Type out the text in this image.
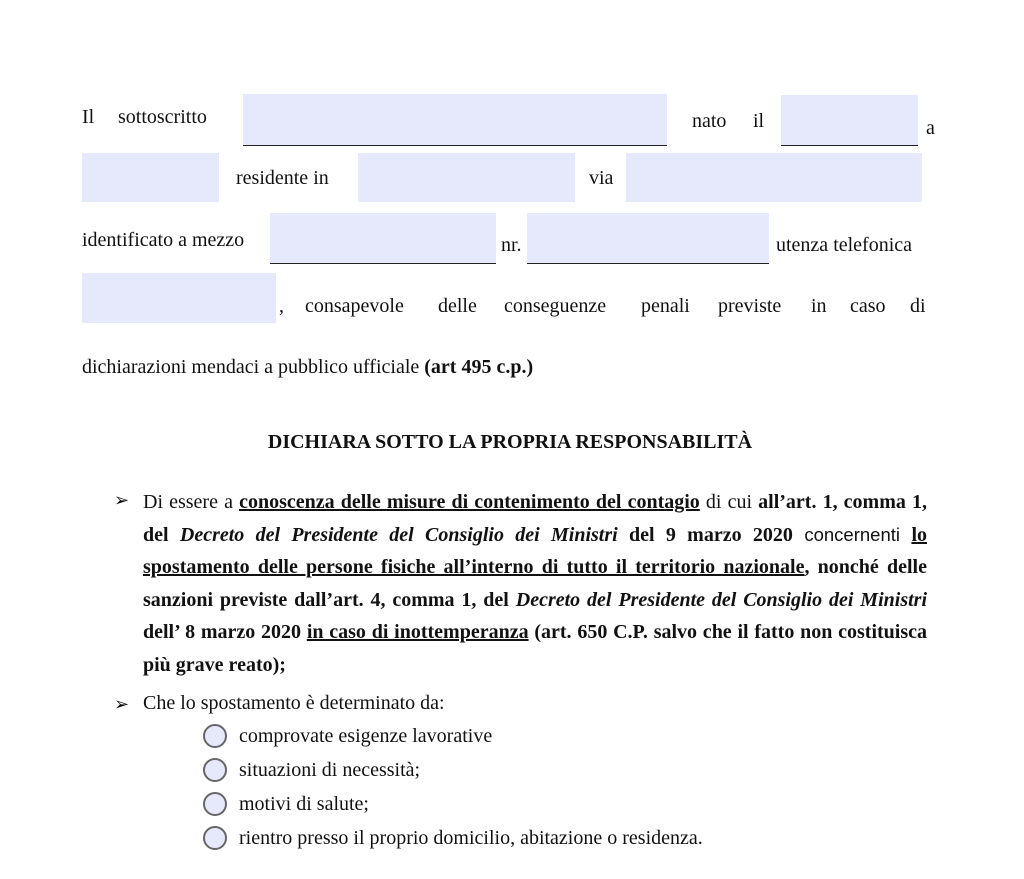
Il sottoscritto	nato il	a
residente in	via
identificato a mezzo	nr.	utenza telefonica
, consapevole delle conseguenze penali previste in caso di
dichiarazioni mendaci a pubblico ufficiale (art 495 c.p.)
DICHIARA SOTTO LA PROPRIA RESPONSABILITÀ
➢ Di essere a conoscenza delle misure di contenimento del contagio di cui all’art. 1, comma 1, del Decreto del Presidente del Consiglio dei Ministri del 9 marzo 2020 concernenti lo spostamento delle persone fisiche all’interno di tutto il territorio nazionale, nonché delle sanzioni previste dall’art. 4, comma 1, del Decreto del Presidente del Consiglio dei Ministri dell’ 8 marzo 2020 in caso di inottemperanza (art. 650 C.P. salvo che il fatto non costituisca più grave reato);
➢ Che lo spostamento è determinato da:
comprovate esigenze lavorative
situazioni di necessità;
motivi di salute;
rientro presso il proprio domicilio, abitazione o residenza.
